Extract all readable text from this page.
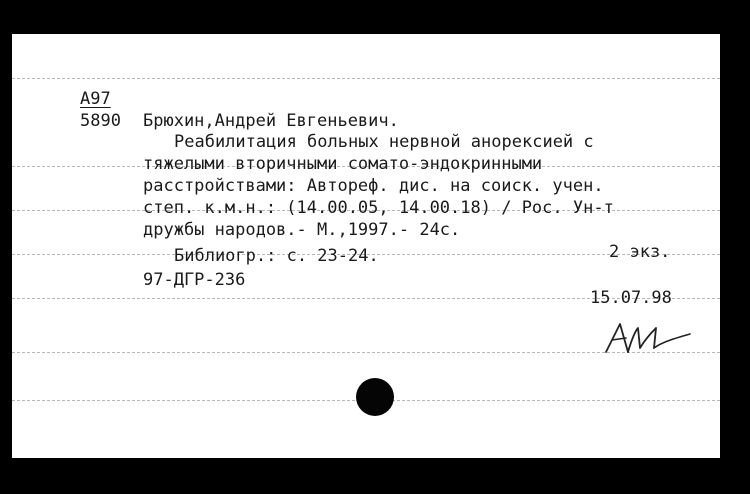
A97
5890 Брюхин,Андрей Евгеньевич.
Реабилитация больных нервной анорексией с
тяжелыми вторичными сомато-эндокринными
расстройствами: Автореф. дис. на соиск. учен.
степ. к.м.н.: (14.00.05, 14.00.18) / Рос. Ун-т
дружбы народов.- М.,1997.- 24с.
Библиогр.: с. 23-24.	2 экз.
97-ДГР-236
15.07.98
